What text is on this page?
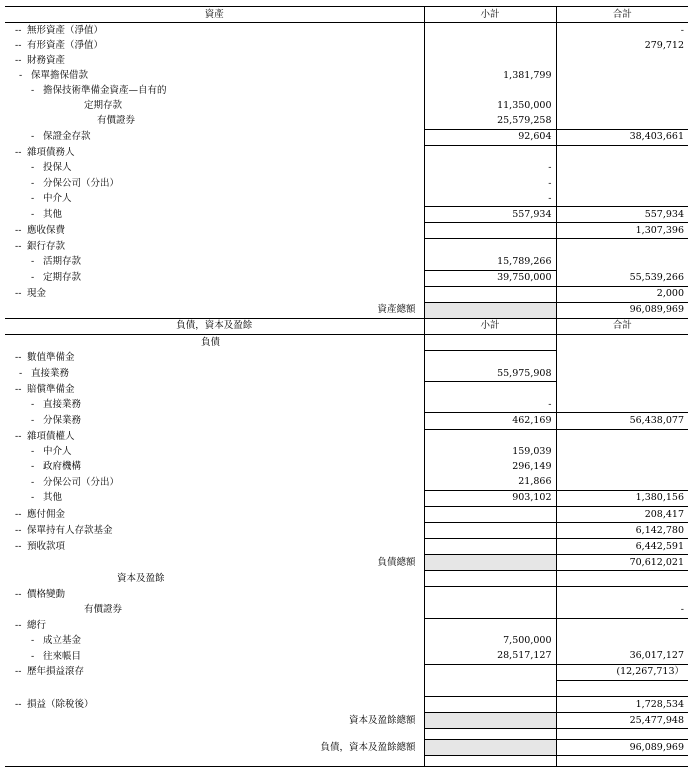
資產	小計	合計
-- 無形資產（淨值）		-
-- 有形資產（淨值）		279,712
-- 財務資產		
- 保單擔保借款	1,381,799	
- 擔保技術準備金資產—自有的		
定期存款	11,350,000	
有價證券	25,579,258	
- 保證金存款	92,604	38,403,661
-- 雜項債務人		
- 投保人	-	
- 分保公司（分出）	-	
- 中介人	-	
- 其他	557,934	557,934
-- 應收保費		1,307,396
-- 銀行存款		
- 活期存款	15,789,266	
- 定期存款	39,750,000	55,539,266
-- 現金		2,000
資產總額		96,089,969
負債，資本及盈餘	小計	合計
負債		
-- 數值準備金		
- 直接業務	55,975,908	
-- 賠償準備金		
- 直接業務	-	
- 分保業務	462,169	56,438,077
-- 雜項債權人		
- 中介人	159,039	
- 政府機構	296,149	
- 分保公司（分出）	21,866	
- 其他	903,102	1,380,156
-- 應付佣金		208,417
-- 保單持有人存款基金		6,142,780
-- 預收款項		6,442,591
負債總額		70,612,021
資本及盈餘		
-- 價格變動		
有價證券		-
-- 總行		
- 成立基金	7,500,000	
- 往來帳目	28,517,127	36,017,127
-- 歷年損益滾存		(12,267,713）

-- 損益（除稅後）		1,728,534
資本及盈餘總額		25,477,948

負債，資本及盈餘總額		96,089,969
